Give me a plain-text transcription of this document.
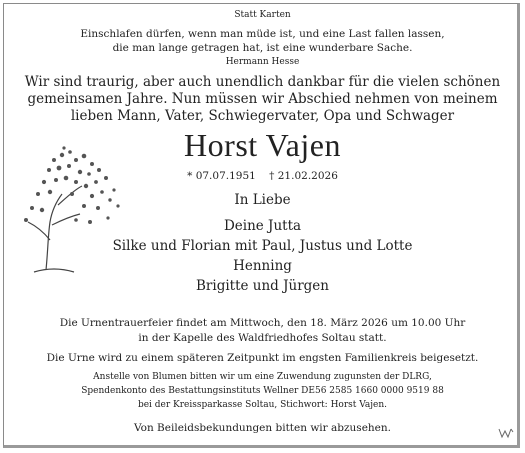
Statt Karten
Einschlafen dürfen, wenn man müde ist, und eine Last fallen lassen,
die man lange getragen hat, ist eine wunderbare Sache.
Hermann Hesse
Wir sind traurig, aber auch unendlich dankbar für die vielen schönen
gemeinsamen Jahre. Nun müssen wir Abschied nehmen von meinem
lieben Mann, Vater, Schwiegervater, Opa und Schwager
Horst Vajen
* 07.07.1951    † 21.02.2026
In Liebe
Deine Jutta
Silke und Florian mit Paul, Justus und Lotte
Henning
Brigitte und Jürgen
Die Urnentrauerfeier findet am Mittwoch, den 18. März 2026 um 10.00 Uhr
in der Kapelle des Waldfriedhofes Soltau statt.
Die Urne wird zu einem späteren Zeitpunkt im engsten Familienkreis beigesetzt.
Anstelle von Blumen bitten wir um eine Zuwendung zugunsten der DLRG,
Spendenkonto des Bestattungsinstituts Wellner DE56 2585 1660 0000 9519 88
bei der Kreissparkasse Soltau, Stichwort: Horst Vajen.
Von Beileidsbekundungen bitten wir abzusehen.
